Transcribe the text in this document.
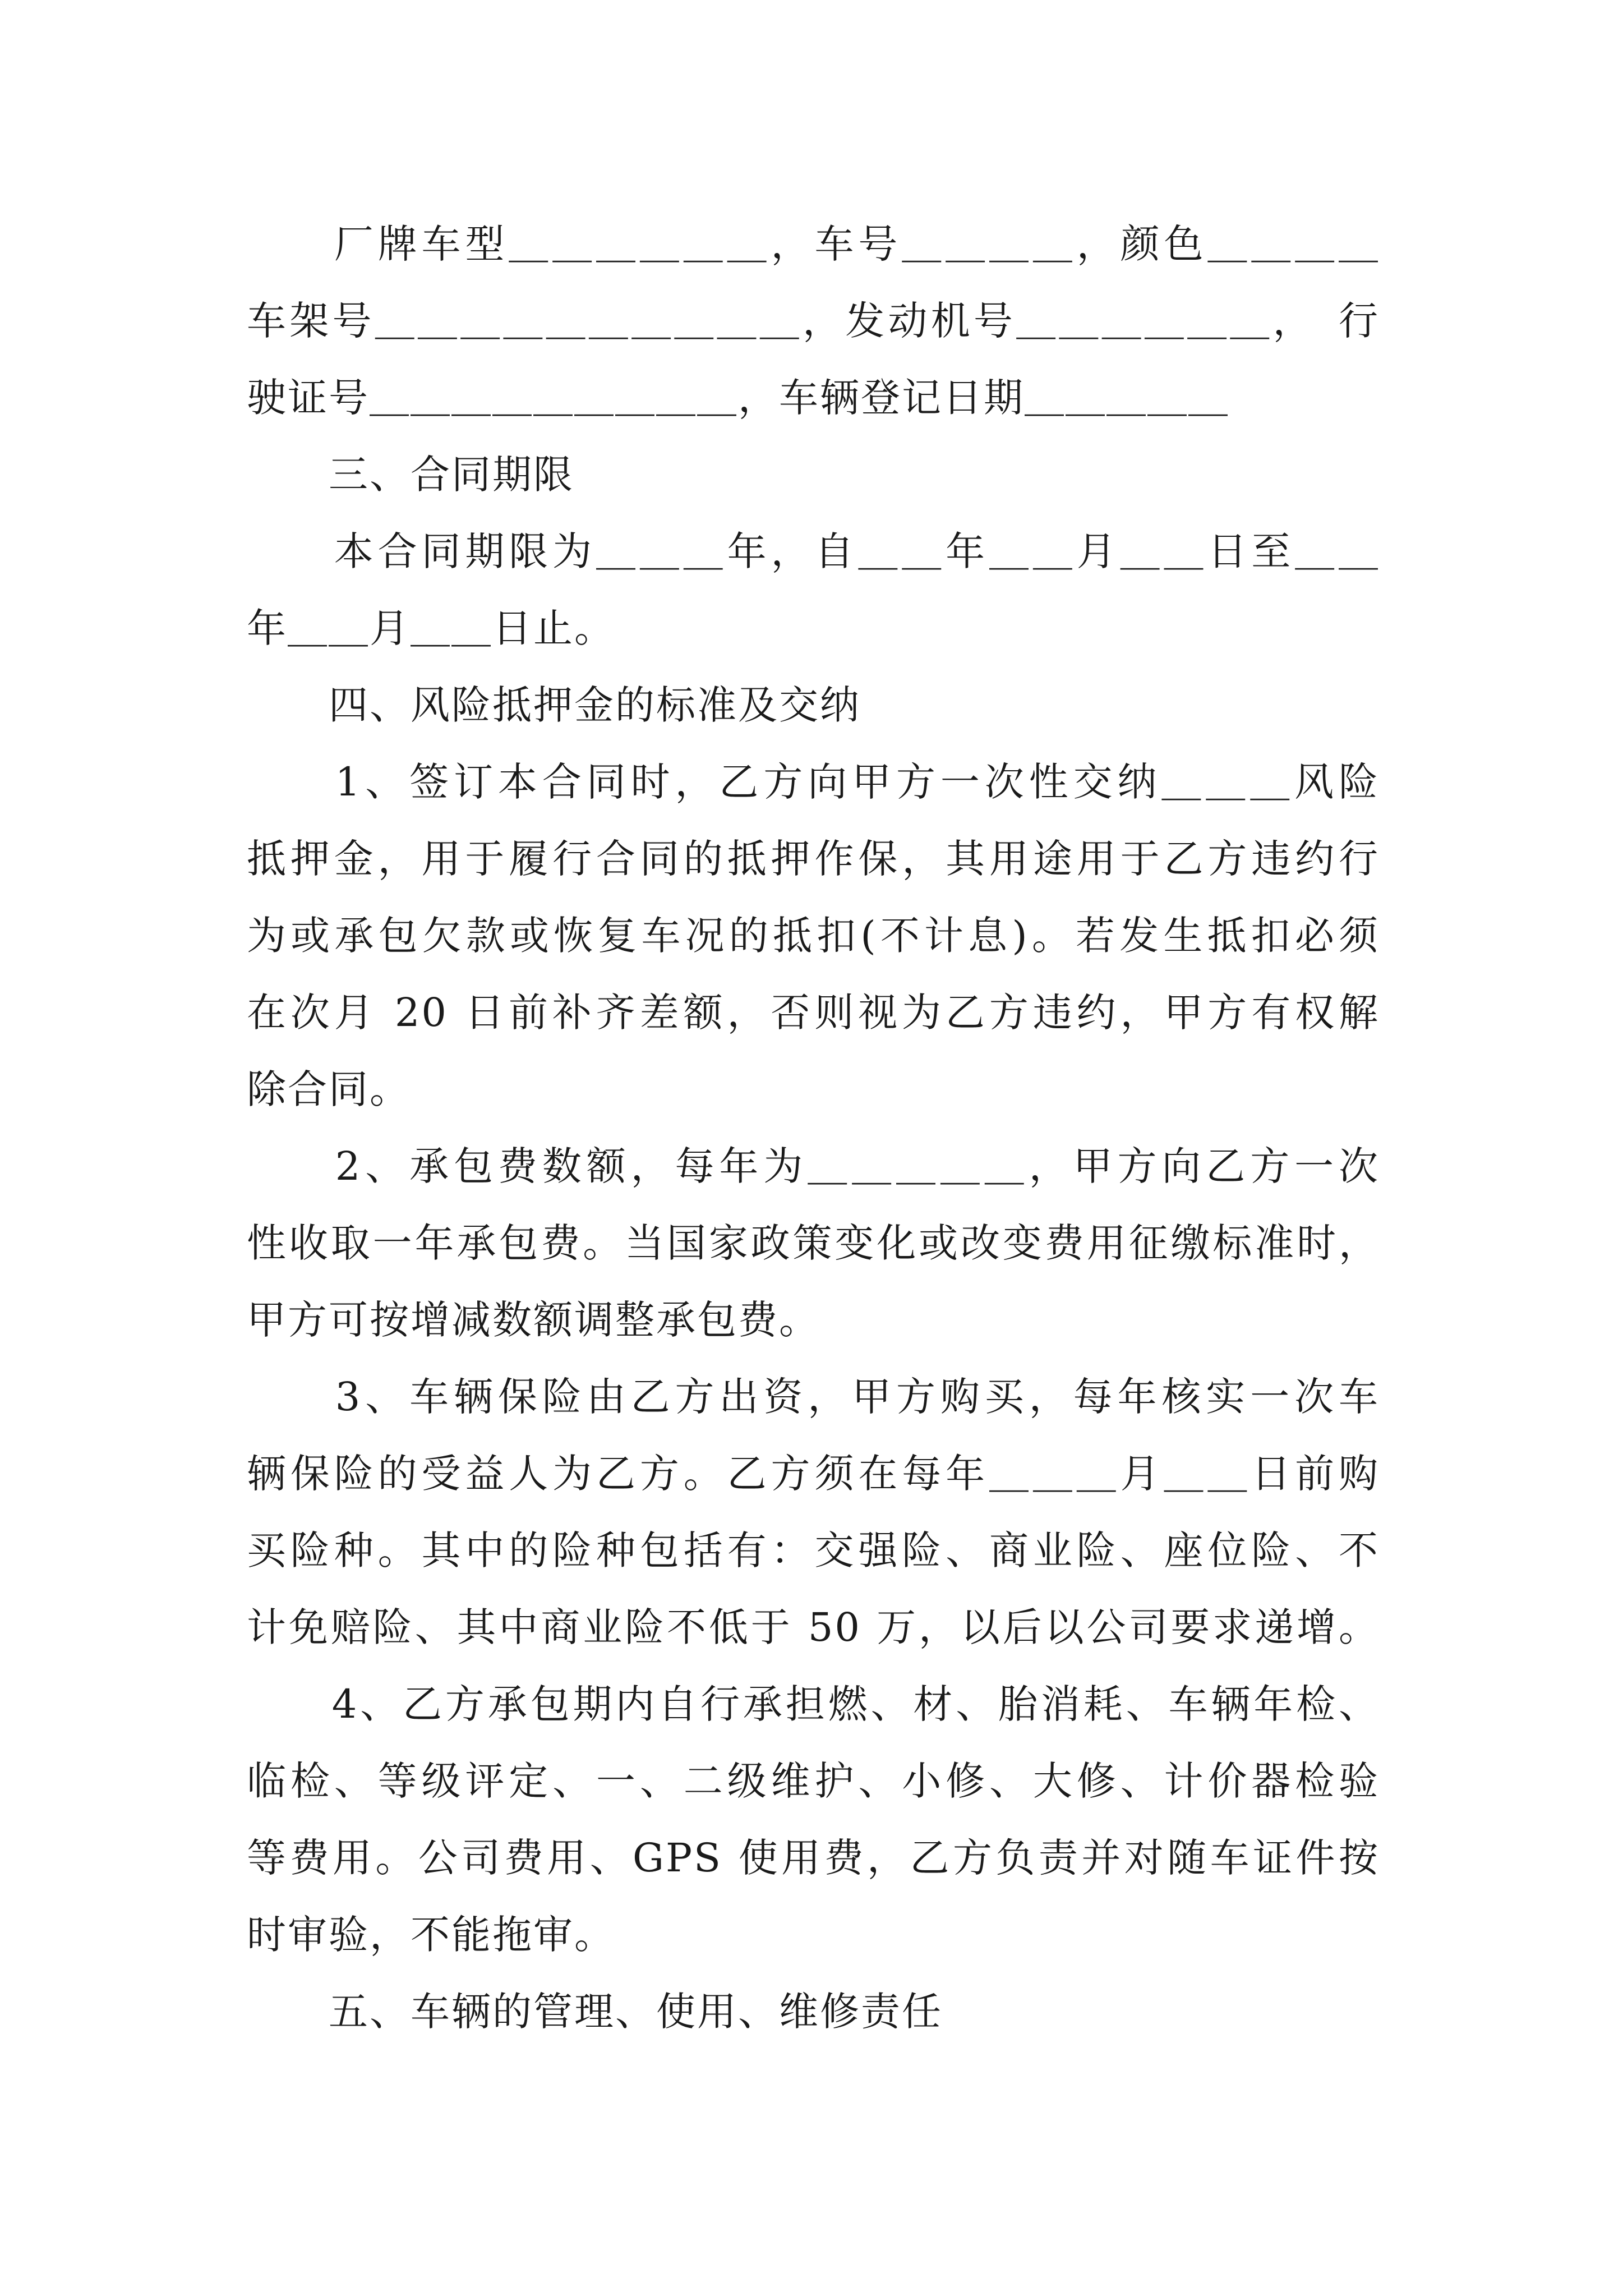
　　厂牌车型＿＿＿＿＿＿，车号＿＿＿＿，颜色＿＿＿＿
车架号＿＿＿＿＿＿＿＿＿＿，发动机号＿＿＿＿＿＿，　行
驶证号＿＿＿＿＿＿＿＿＿，车辆登记日期＿＿＿＿＿
　　三、合同期限
　　本合同期限为＿＿＿年，自＿＿年＿＿月＿＿日至＿＿
年＿＿月＿＿日止。
　　四、风险抵押金的标准及交纳
　　1、签订本合同时，乙方向甲方一次性交纳＿＿＿风险
抵押金，用于履行合同的抵押作保，其用途用于乙方违约行
为或承包欠款或恢复车况的抵扣(不计息)。若发生抵扣必须
在次月 20 日前补齐差额，否则视为乙方违约，甲方有权解
除合同。
　　2、承包费数额，每年为＿＿＿＿＿，甲方向乙方一次
性收取一年承包费。当国家政策变化或改变费用征缴标准时，
甲方可按增减数额调整承包费。
　　3、车辆保险由乙方出资，甲方购买，每年核实一次车
辆保险的受益人为乙方。乙方须在每年＿＿＿月＿＿日前购
买险种。其中的险种包括有：交强险、商业险、座位险、不
计免赔险、其中商业险不低于 50 万，以后以公司要求递增。
　　4、乙方承包期内自行承担燃、材、胎消耗、车辆年检、
临检、等级评定、一、二级维护、小修、大修、计价器检验
等费用。公司费用、GPS 使用费，乙方负责并对随车证件按
时审验，不能拖审。
　　五、车辆的管理、使用、维修责任
